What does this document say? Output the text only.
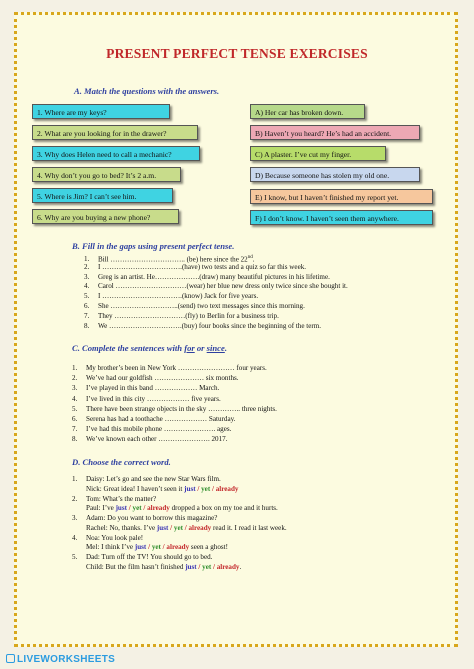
PRESENT PERFECT TENSE EXERCISES
A. Match the questions with the answers.
1. Where are my keys?
2. What are you looking for in the drawer?
3. Why does Helen need to call a mechanic?
4. Why don’t you go to bed? It’s 2 a.m.
5. Where is Jim? I can’t see him.
6. Why are you buying a new phone?
A) Her car has broken down.
B) Haven’t you heard? He’s had an accident.
C) A plaster. I’ve cut my finger.
D) Because someone has stolen my old one.
E) I know, but I haven’t finished my report yet.
F) I don’t know. I haven’t seen them anywhere.
B. Fill in the gaps using present perfect tense.
1. Bill ………………………….. (be) here since the 22nd.
2. I …………………………….(have) two tests and a quiz so far this week.
3. Greg is an artist. He……………….(draw) many beautiful pictures in his lifetime.
4. Carol …………………………(wear) her blue new dress only twice since she bought it.
5. I …………………………….(know) Jack for five years.
6. She ………………………..(send) two text messages since this morning.
7. They …………………………(fly) to Berlin for a business trip.
8. We ………………………….(buy) four books since the beginning of the term.
C. Complete the sentences with for or since.
1. My brother’s been in New York …………………… four years.
2. We’ve had our goldfish ………………… six months.
3. I’ve played in this band ……………… March.
4. I’ve lived in this city ……………… five years.
5. There have been strange objects in the sky ………….. three nights.
6. Serena has had a toothache ……………… Saturday.
7. I’ve had this mobile phone …………………. ages.
8. We’ve known each other …………………. 2017.
D. Choose the correct word.
1. Daisy: Let’s go and see the new Star Wars film.
Nick: Great idea! I haven’t seen it just / yet / already
2. Tom: What’s the matter?
Paul: I’ve just / yet / already dropped a box on my toe and it hurts.
3. Adam: Do you want to borrow this magazine?
Rachel: No, thanks. I’ve just / yet / already read it. I read it last week.
4. Noa: You look pale!
Mel: I think I’ve just / yet / already seen a ghost!
5. Dad: Turn off the TV! You should go to bed.
Child: But the film hasn’t finished just / yet / already.
LIVEWORKSHEETS
